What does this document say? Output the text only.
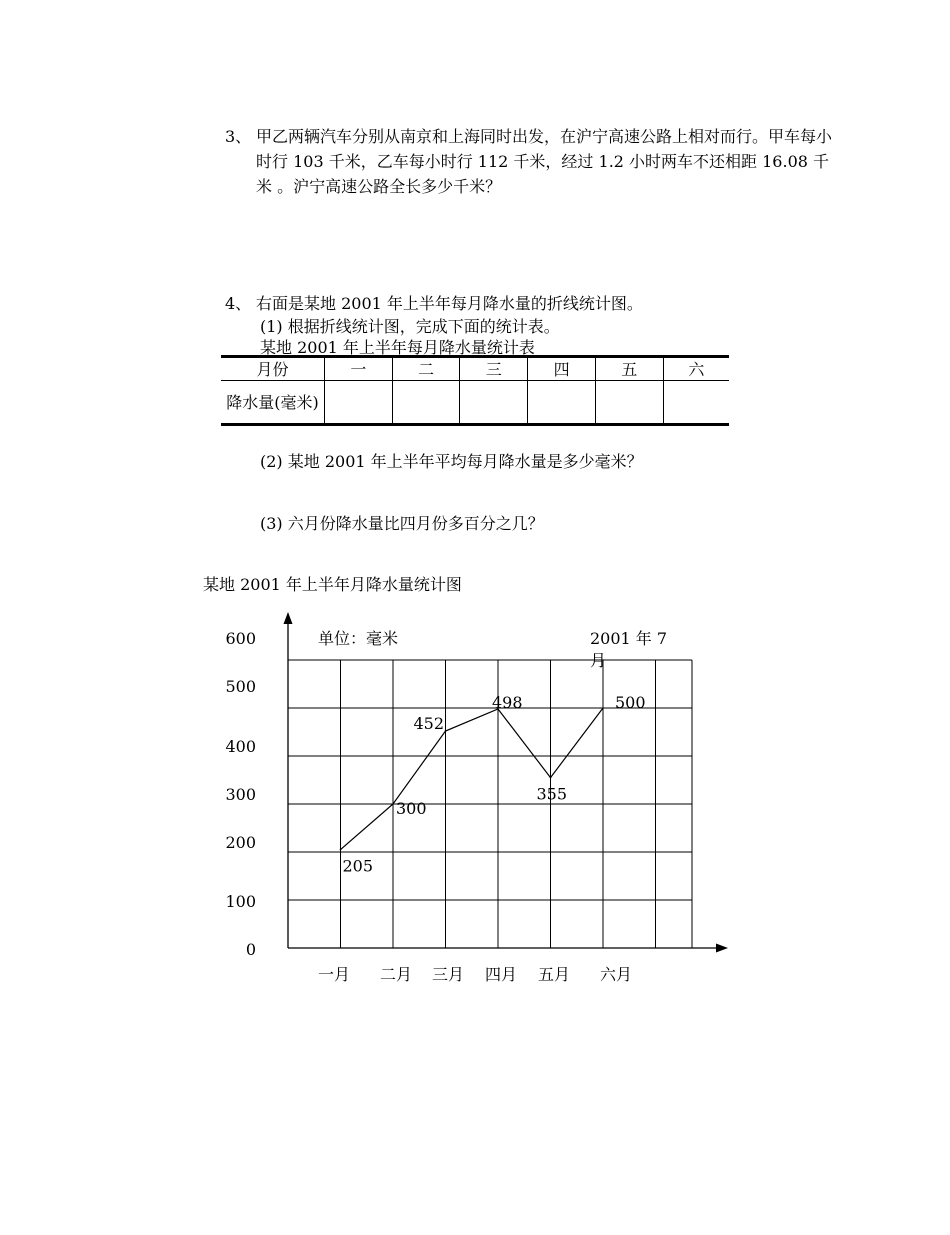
3、 甲乙两辆汽车分别从南京和上海同时出发，在沪宁高速公路上相对而行。甲车每小时行 103 千米，乙车每小时行 112 千米，经过 1.2 小时两车不还相距 16.08 千米 。沪宁高速公路全长多少千米？
4、 右面是某地 2001 年上半年每月降水量的折线统计图。
(1) 根据折线统计图，完成下面的统计表。
某地 2001 年上半年每月降水量统计表
月份	一	二	三	四	五	六
降水量(毫米)						
(2) 某地 2001 年上半年平均每月降水量是多少毫米？
(3) 六月份降水量比四月份多百分之几？
某地 2001 年上半年月降水量统计图
单位：毫米	2001 年 7 月
0
100
200
300
400
500
600
一月 二月 三月 四月 五月 六月
205
300
452
498
355
500
